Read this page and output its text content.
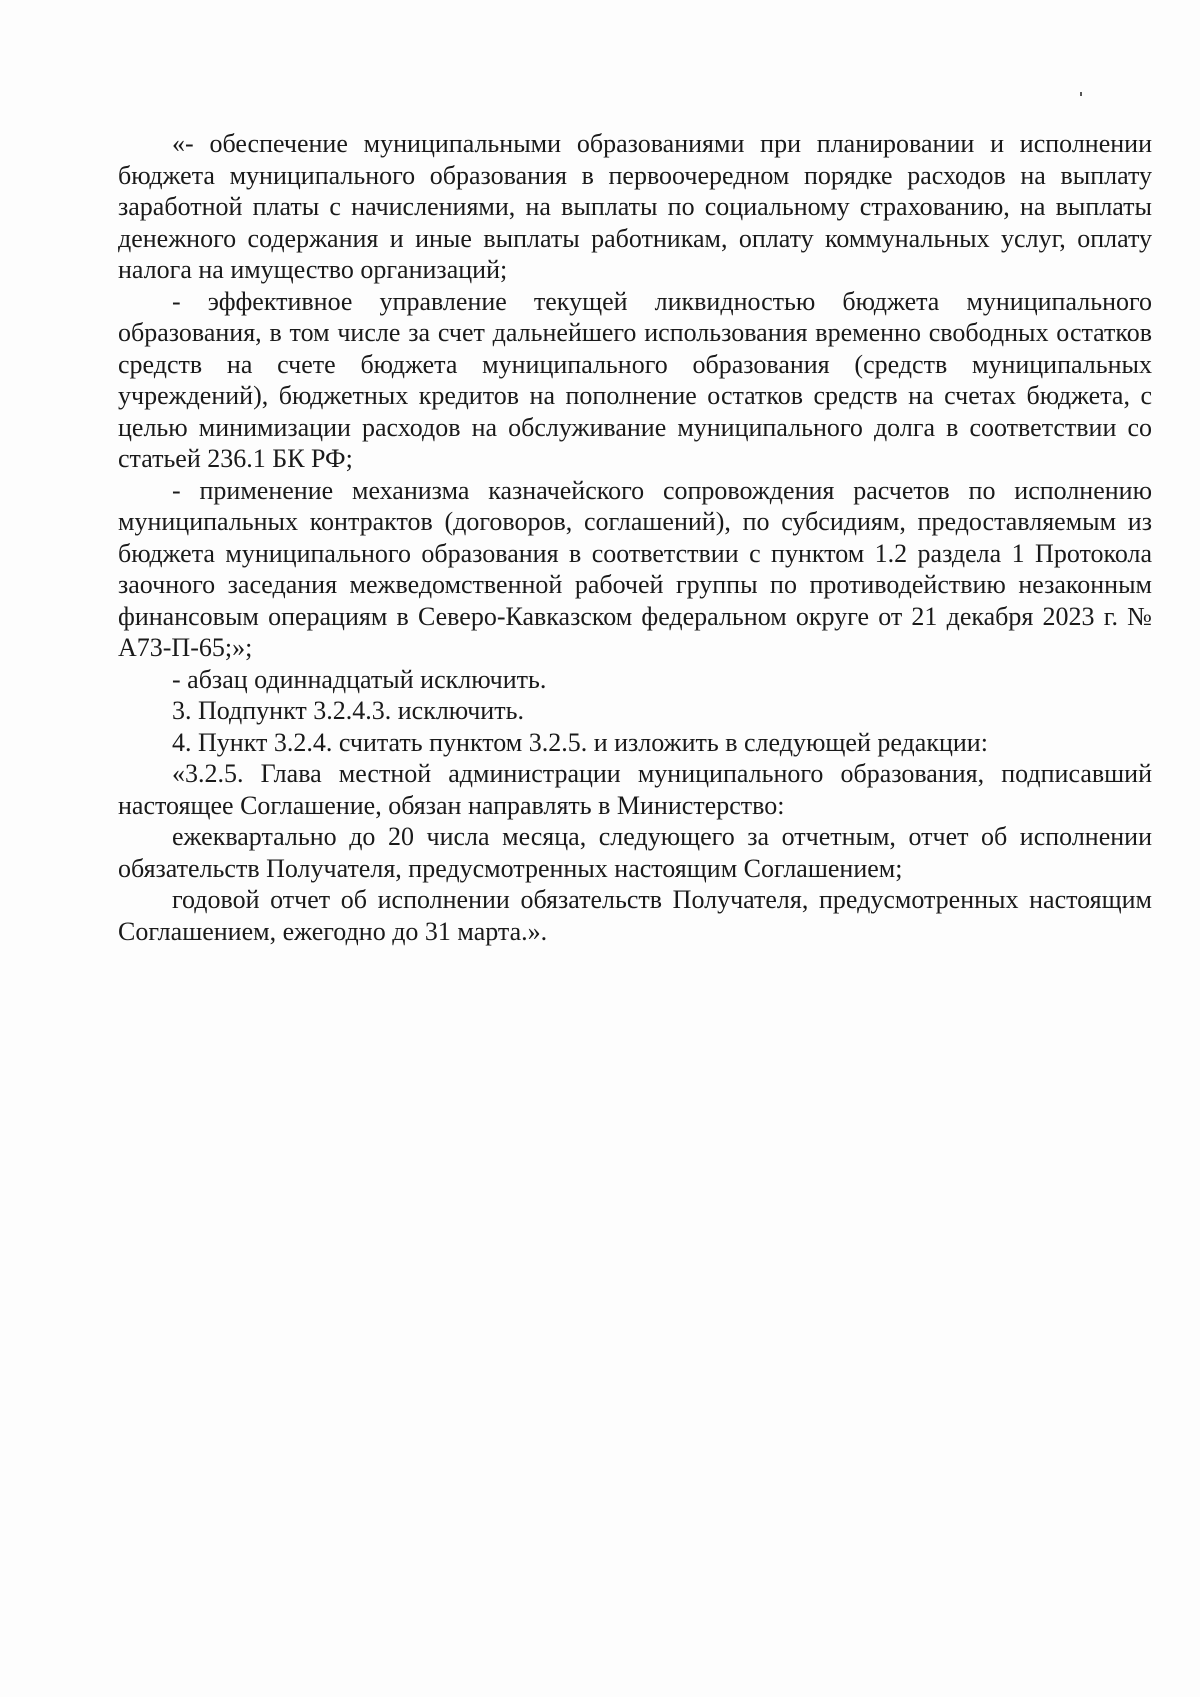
«- обеспечение муниципальными образованиями при планировании и исполнении бюджета муниципального образования в первоочередном порядке расходов на выплату заработной платы с начислениями, на выплаты по социальному страхованию, на выплаты денежного содержания и иные выплаты работникам, оплату коммунальных услуг, оплату налога на имущество организаций;

- эффективное управление текущей ликвидностью бюджета муниципального образования, в том числе за счет дальнейшего использования временно свободных остатков средств на счете бюджета муниципального образования (средств муниципальных учреждений), бюджетных кредитов на пополнение остатков средств на счетах бюджета, с целью минимизации расходов на обслуживание муниципального долга в соответствии со статьей 236.1 БК РФ;

- применение механизма казначейского сопровождения расчетов по исполнению муниципальных контрактов (договоров, соглашений), по субсидиям, предоставляемым из бюджета муниципального образования в соответствии с пунктом 1.2 раздела 1 Протокола заочного заседания межведомственной рабочей группы по противодействию незаконным финансовым операциям в Северо-Кавказском федеральном округе от 21 декабря 2023 г. № А73-П-65;»;

- абзац одиннадцатый исключить.

3. Подпункт 3.2.4.3. исключить.

4. Пункт 3.2.4. считать пунктом 3.2.5. и изложить в следующей редакции:

«3.2.5. Глава местной администрации муниципального образования, подписавший настоящее Соглашение, обязан направлять в Министерство:

ежеквартально до 20 числа месяца, следующего за отчетным, отчет об исполнении обязательств Получателя, предусмотренных настоящим Соглашением;

годовой отчет об исполнении обязательств Получателя, предусмотренных настоящим Соглашением, ежегодно до 31 марта.».
